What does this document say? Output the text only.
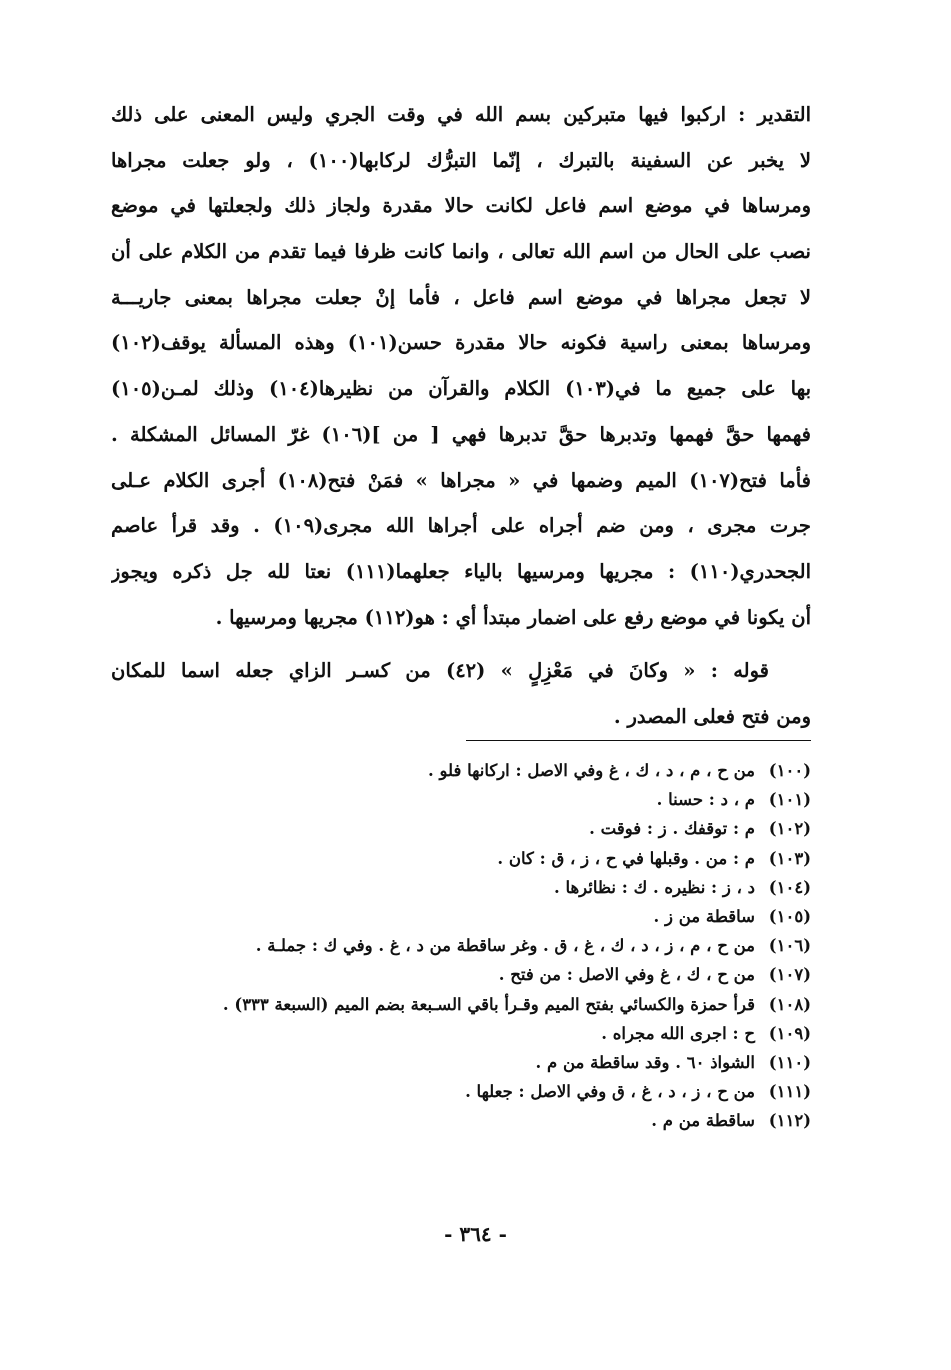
التقدير : اركبوا فيها متبركين بسم الله في وقت الجري وليس المعنى على ذلك
لا يخبر عن السفينة بالتبرك ، إنّما التبرُّك لركابها(١٠٠) ، ولو جعلت مجراها
ومرساها في موضع اسم فاعل لكانت حالا مقدرة ولجاز ذلك ولجعلتها في موضع
نصب على الحال من اسم الله تعالى ، وانما كانت ظرفا فيما تقدم من الكلام على أن
لا تجعل مجراها في موضع اسم فاعل ، فأما إنْ جعلت مجراها بمعنى جاريـــة
ومرساها بمعنى راسية فكونه حالا مقدرة حسن(١٠١) وهذه المسألة يوقف(١٠٢)
بها على جميع ما في(١٠٣) الكلام والقرآن من نظيرها(١٠٤) وذلك لمـن(١٠٥)
فهمها حقَّ فهمها وتدبرها حقَّ تدبرها فهي [ من ](١٠٦) غرّ المسائل المشكلة .
فأما فتح(١٠٧) الميم وضمها في « مجراها » فمَنْ فتح(١٠٨) أجرى الكلام عـلى
جرت مجرى ، ومن ضم أجراه على أجراها الله مجرى(١٠٩) . وقد قرأ عاصم
الجحدري(١١٠) : مجريها ومرسيها بالياء جعلهما(١١١) نعتا لله جل ذكره ويجوز
أن يكونا في موضع رفع على اضمار مبتدأ أي : هو(١١٢) مجريها ومرسيها .
قوله : « وكانَ في مَعْزِلٍ » (٤٢) من كسـر الزاي جعله اسما للمكان
ومن فتح فعلى المصدر .
(١٠٠)
من ح ، م ، د ، ك ، غ وفي الاصل : اركانها فلو .
(١٠١)
م ، د : حسنا .
(١٠٢)
م : توقفك . ز : فوقت .
(١٠٣)
م : من . وقبلها في ح ، ز ، ق : كان .
(١٠٤)
د ، ز : نظيره . ك : نظائرها .
(١٠٥)
ساقطة من ز .
(١٠٦)
من ح ، م ، ز ، د ، ك ، غ ، ق . وغر ساقطة من د ، غ . وفي ك : جملـة .
(١٠٧)
من ح ، ك ، غ وفي الاصل : من فتح .
(١٠٨)
قرأ حمزة والكسائي بفتح الميم وقـرأ باقي السـبعة بضم الميم (السبعة ٣٣٣) .
(١٠٩)
ح : اجرى الله مجراه .
(١١٠)
الشواذ ٦٠ . وقد ساقطة من م .
(١١١)
من ح ، ز ، د ، غ ، ق وفي الاصل : جعلها .
(١١٢)
ساقطة من م .
- ٣٦٤ -
